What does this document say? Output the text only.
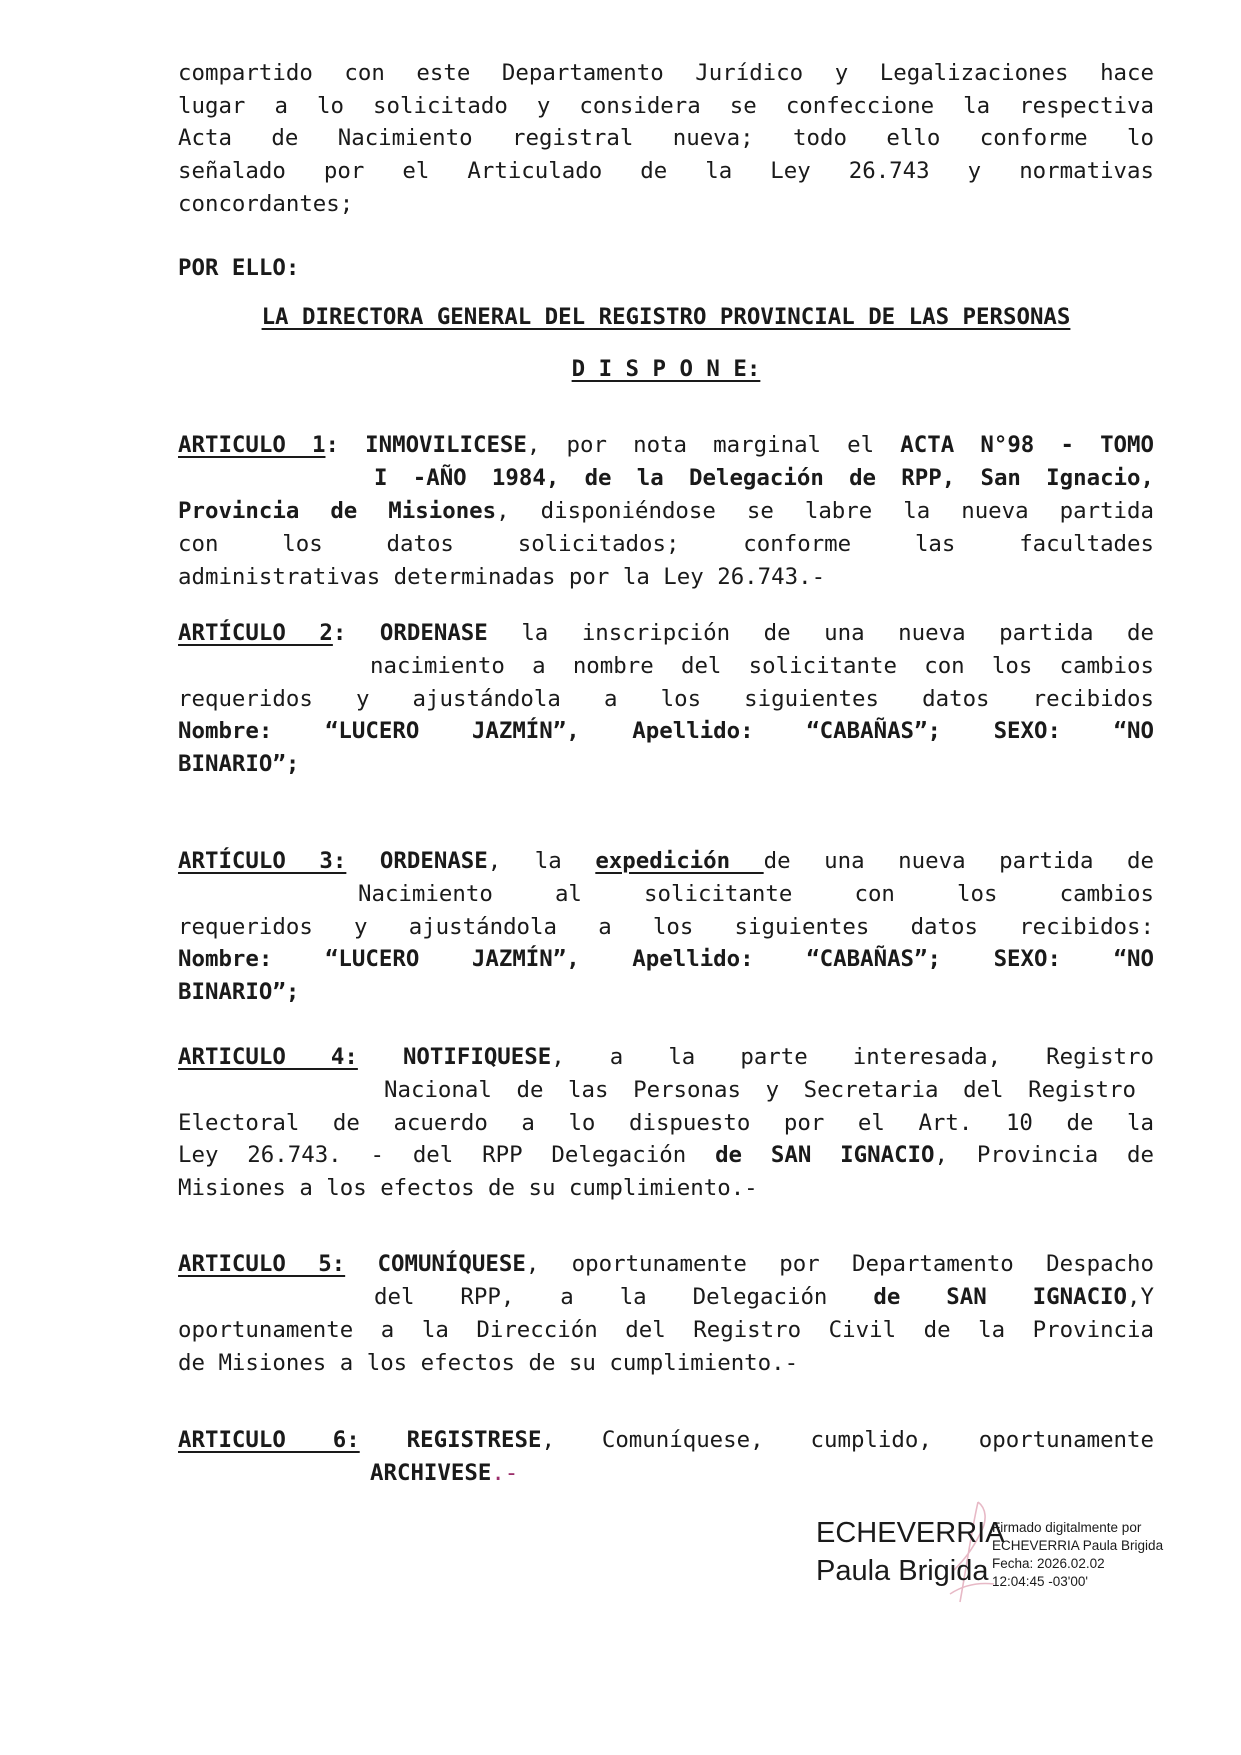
compartido con este Departamento Jurídico y Legalizaciones hace
lugar a lo solicitado y considera se confeccione la respectiva
Acta de Nacimiento registral nueva; todo ello conforme lo
señalado por el Articulado de la Ley 26.743 y normativas
concordantes;
POR ELLO:
LA DIRECTORA GENERAL DEL REGISTRO PROVINCIAL DE LAS PERSONAS
D I S P O N E:
ARTICULO 1: INMOVILICESE, por nota marginal el ACTA N°98 - TOMO
I -AÑO 1984, de la Delegación de RPP, San Ignacio,
Provincia de Misiones, disponiéndose se labre la nueva partida
con los datos solicitados; conforme las facultades
administrativas determinadas por la Ley 26.743.-
ARTÍCULO 2: ORDENASE la inscripción de una nueva partida de
nacimiento a nombre del solicitante con los cambios
requeridos y ajustándola a los siguientes datos recibidos
Nombre: “LUCERO JAZMÍN”, Apellido: “CABAÑAS”; SEXO: “NO
BINARIO”;
ARTÍCULO 3: ORDENASE, la expedición de una nueva partida de
Nacimiento al solicitante con los cambios
requeridos y ajustándola a los siguientes datos recibidos:
Nombre: “LUCERO JAZMÍN”, Apellido: “CABAÑAS”; SEXO: “NO
BINARIO”;
ARTICULO 4: NOTIFIQUESE, a la parte interesada, Registro
Nacional de las Personas y Secretaria del Registro
Electoral de acuerdo a lo dispuesto por el Art. 10 de la
Ley 26.743. - del RPP Delegación de SAN IGNACIO, Provincia de
Misiones a los efectos de su cumplimiento.-
ARTICULO 5: COMUNÍQUESE, oportunamente por Departamento Despacho
del RPP, a la Delegación de SAN IGNACIO,Y
oportunamente a la Dirección del Registro Civil de la Provincia
de Misiones a los efectos de su cumplimiento.-
ARTICULO 6: REGISTRESE, Comuníquese, cumplido, oportunamente
ARCHIVESE.-
ECHEVERRIA
Paula Brigida
Firmado digitalmente por
ECHEVERRIA Paula Brigida
Fecha: 2026.02.02
12:04:45 -03'00'
